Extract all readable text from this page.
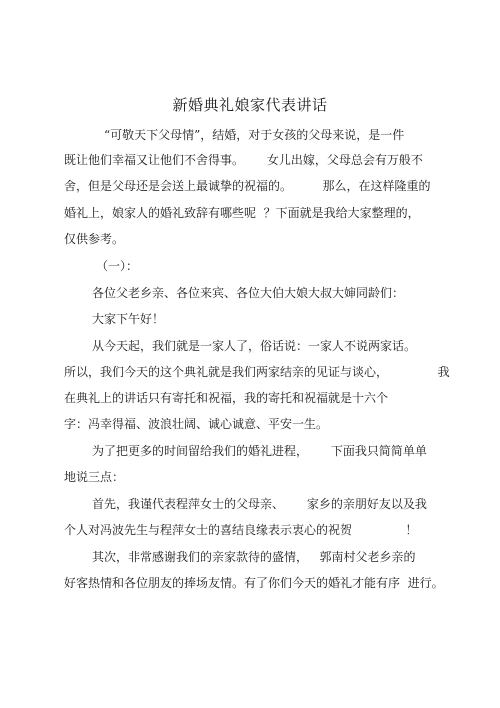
新婚典礼娘家代表讲话
“可敬天下父母情”，结婚，对于女孩的父母来说，是一件
既让他们幸福又让他们不舍得事。      女儿出嫁，父母总会有万般不
舍，但是父母还是会送上最诚挚的祝福的。        那么，在这样隆重的
婚礼上，娘家人的婚礼致辞有哪些呢  ？下面就是我给大家整理的，
仅供参考。
（一）：
各位父老乡亲、各位来宾、各位大伯大娘大叔大婶同龄们：
大家下午好！
从今天起，我们就是一家人了，俗话说：一家人不说两家话。
所以，我们今天的这个典礼就是我们两家结亲的见证与谈心，             我
在典礼上的讲话只有寄托和祝福，我的寄托和祝福就是十六个
字：冯幸得福、波浪壮阔、诚心诚意、平安一生。
为了把更多的时间留给我们的婚礼进程，      下面我只简简单单
地说三点：
首先，我谨代表程萍女士的父母亲、      家乡的亲朋好友以及我
个人对冯波先生与程萍女士的喜结良缘表示衷心的祝贺              ！
其次，非常感谢我们的亲家款待的盛情，   郭南村父老乡亲的
好客热情和各位朋友的捧场友情。有了你们今天的婚礼才能有序  进行。
